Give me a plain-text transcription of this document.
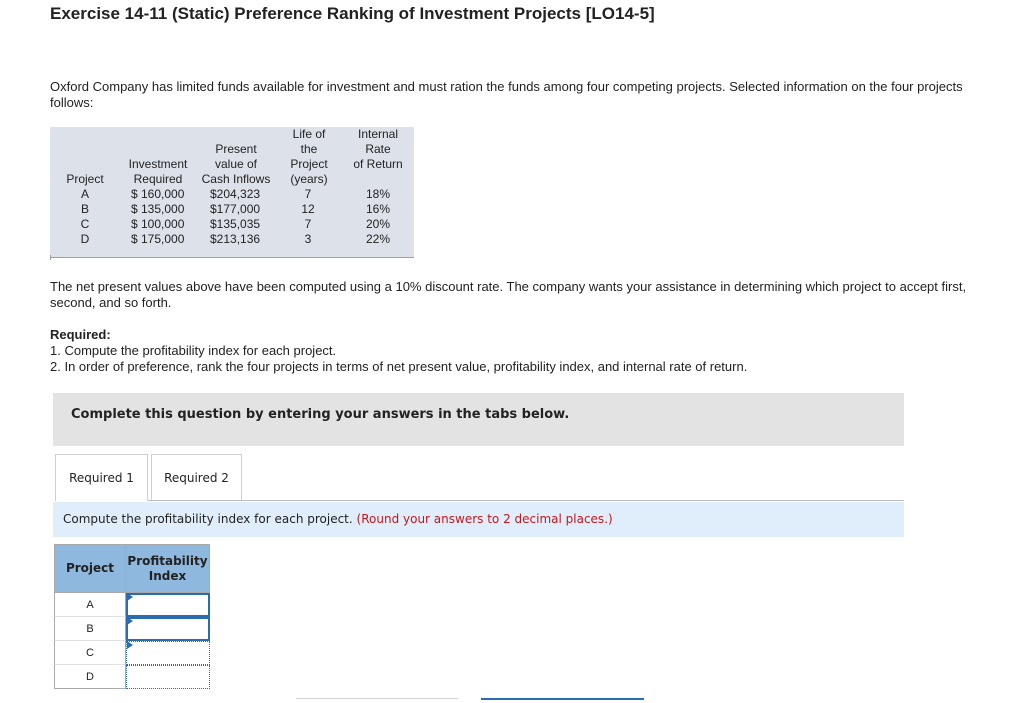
Exercise 14-11 (Static) Preference Ranking of Investment Projects [LO14-5]
Oxford Company has limited funds available for investment and must ration the funds among four competing projects. Selected information on the four projects follows:
Project
Investment
Required
Present
value of
Cash Inflows
Life of
the
Project
(years)
Internal
Rate
of Return
A	$ 160,000 $204,323	7	18%
B	$ 135,000 $177,000	12	16%
C	$ 100,000 $135,035	7	20%
D	$ 175,000 $213,136	3	22%
The net present values above have been computed using a 10% discount rate. The company wants your assistance in determining which project to accept first, second, and so forth.
Required:
1. Compute the profitability index for each project.
2. In order of preference, rank the four projects in terms of net present value, profitability index, and internal rate of return.
Complete this question by entering your answers in the tabs below.
Required 1	Required 2
Compute the profitability index for each project. (Round your answers to 2 decimal places.)
Project
Profitability
Index
A
B
C
D
